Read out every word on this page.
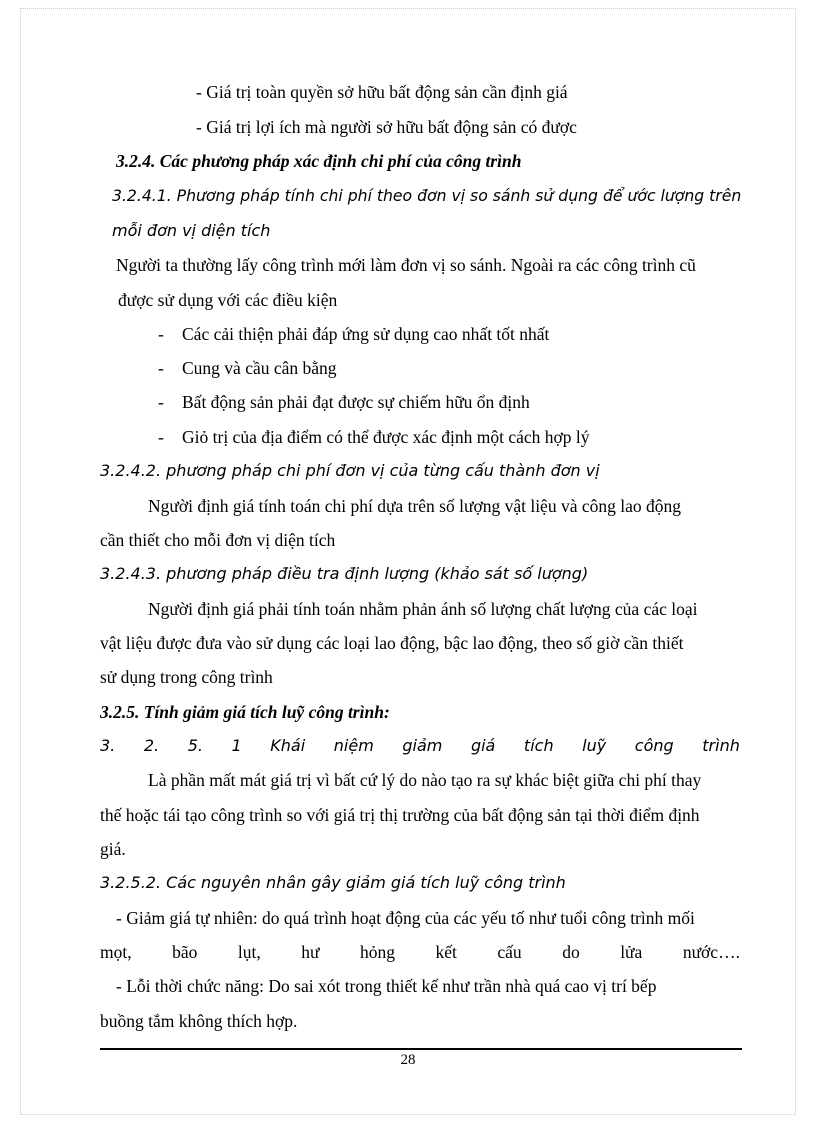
- Giá trị toàn quyền sở hữu bất động sản cần định giá
- Giá trị lợi ích mà người sở hữu bất động sản có được
3.2.4. Các phương pháp xác định chi phí của công trình
3.2.4.1. Phương pháp tính chi phí theo đơn vị so sánh sử dụng để ước lượng trên
mỗi đơn vị diện tích
Người ta thường lấy công trình mới làm đơn vị so sánh. Ngoài ra các công trình cũ
được sử dụng với các điều kiện
- Các cải thiện phải đáp ứng sử dụng cao nhất tốt nhất
- Cung và cầu cân bằng
- Bất động sản phải đạt được sự chiếm hữu ổn định
- Giỏ trị của địa điểm có thể được xác định một cách hợp lý
3.2.4.2. phương pháp chi phí đơn vị của từng cấu thành đơn vị
Người định giá tính toán chi phí dựa trên số lượng vật liệu và công lao động
cần thiết cho mỗi đơn vị diện tích
3.2.4.3. phương pháp điều tra định lượng (khảo sát số lượng)
Người định giá phải tính toán nhằm phản ánh số lượng chất lượng của các loại
vật liệu được đưa vào sử dụng các loại lao động, bậc lao động, theo số giờ cần thiết
sử dụng trong công trình
3.2.5. Tính giảm giá tích luỹ công trình:
3. 2. 5. 1 Khái niệm giảm giá tích luỹ công trình
Là phần mất mát giá trị vì bất cứ lý do nào tạo ra sự khác biệt giữa chi phí thay
thế hoặc tái tạo công trình so với giá trị thị trường của bất động sản tại thời điểm định
giá.
3.2.5.2. Các nguyên nhân gây giảm giá tích luỹ công trình
- Giảm giá tự nhiên: do quá trình hoạt động của các yếu tố như tuổi công trình mối
mọt, bão lụt, hư hỏng kết cấu do lửa nước….
- Lỗi thời chức năng: Do sai xót trong thiết kế như trần nhà quá cao vị trí bếp
buồng tắm không thích hợp.
28
